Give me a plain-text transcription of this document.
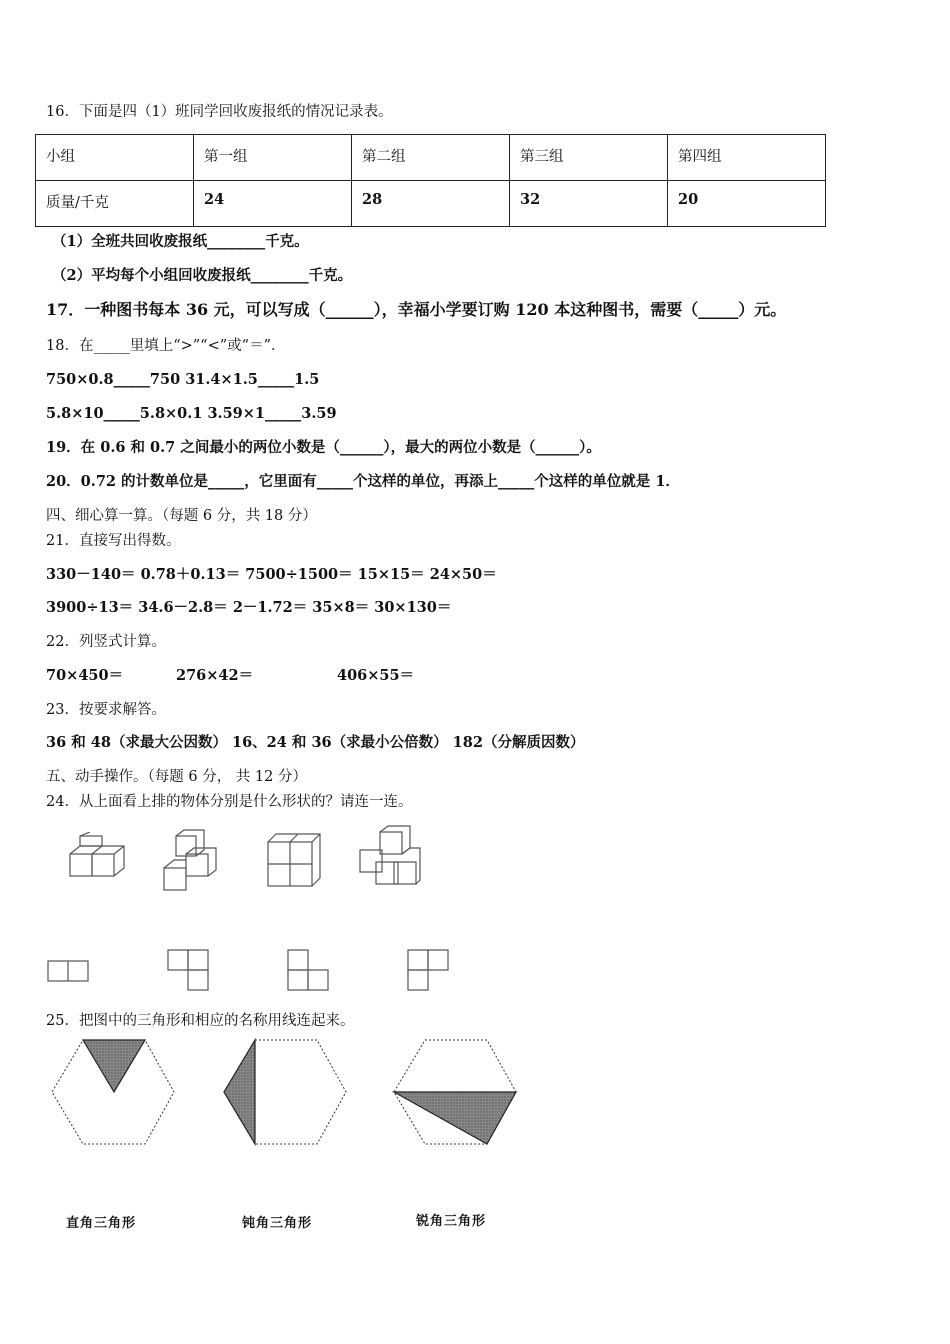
16．下面是四（1）班同学回收废报纸的情况记录表。
小组	第一组	第二组	第三组	第四组

质量/千克	24	28	32	20
（1）全班共回收废报纸________千克。
（2）平均每个小组回收废报纸________千克。
17．一种图书每本 36 元，可以写成（______），幸福小学要订购 120 本这种图书，需要（_____）元。
18．在_____里填上“>”“<”或“＝”．
750×0.8_____750 31.4×1.5_____1.5
5.8×10_____5.8×0.1 3.59×1_____3.59
19．在 0.6 和 0.7 之间最小的两位小数是（______），最大的两位小数是（______）。
20．0.72 的计数单位是_____，它里面有_____个这样的单位，再添上_____个这样的单位就是 1．
四、细心算一算。（每题 6 分，共 18 分）
21．直接写出得数。
330－140＝ 0.78＋0.13＝ 7500÷1500＝ 15×15＝ 24×50＝
3900÷13＝ 34.6－2.8＝ 2－1.72＝ 35×8＝ 30×130＝
22．列竖式计算。
70×450＝	276×42＝	406×55＝
23．按要求解答。
36 和 48（求最大公因数） 16、24 和 36（求最小公倍数） 182（分解质因数）
五、动手操作。（每题 6 分， 共 12 分）
24．从上面看上排的物体分别是什么形状的？请连一连。
25．把图中的三角形和相应的名称用线连起来。
直角三角形	钝角三角形	锐角三角形
